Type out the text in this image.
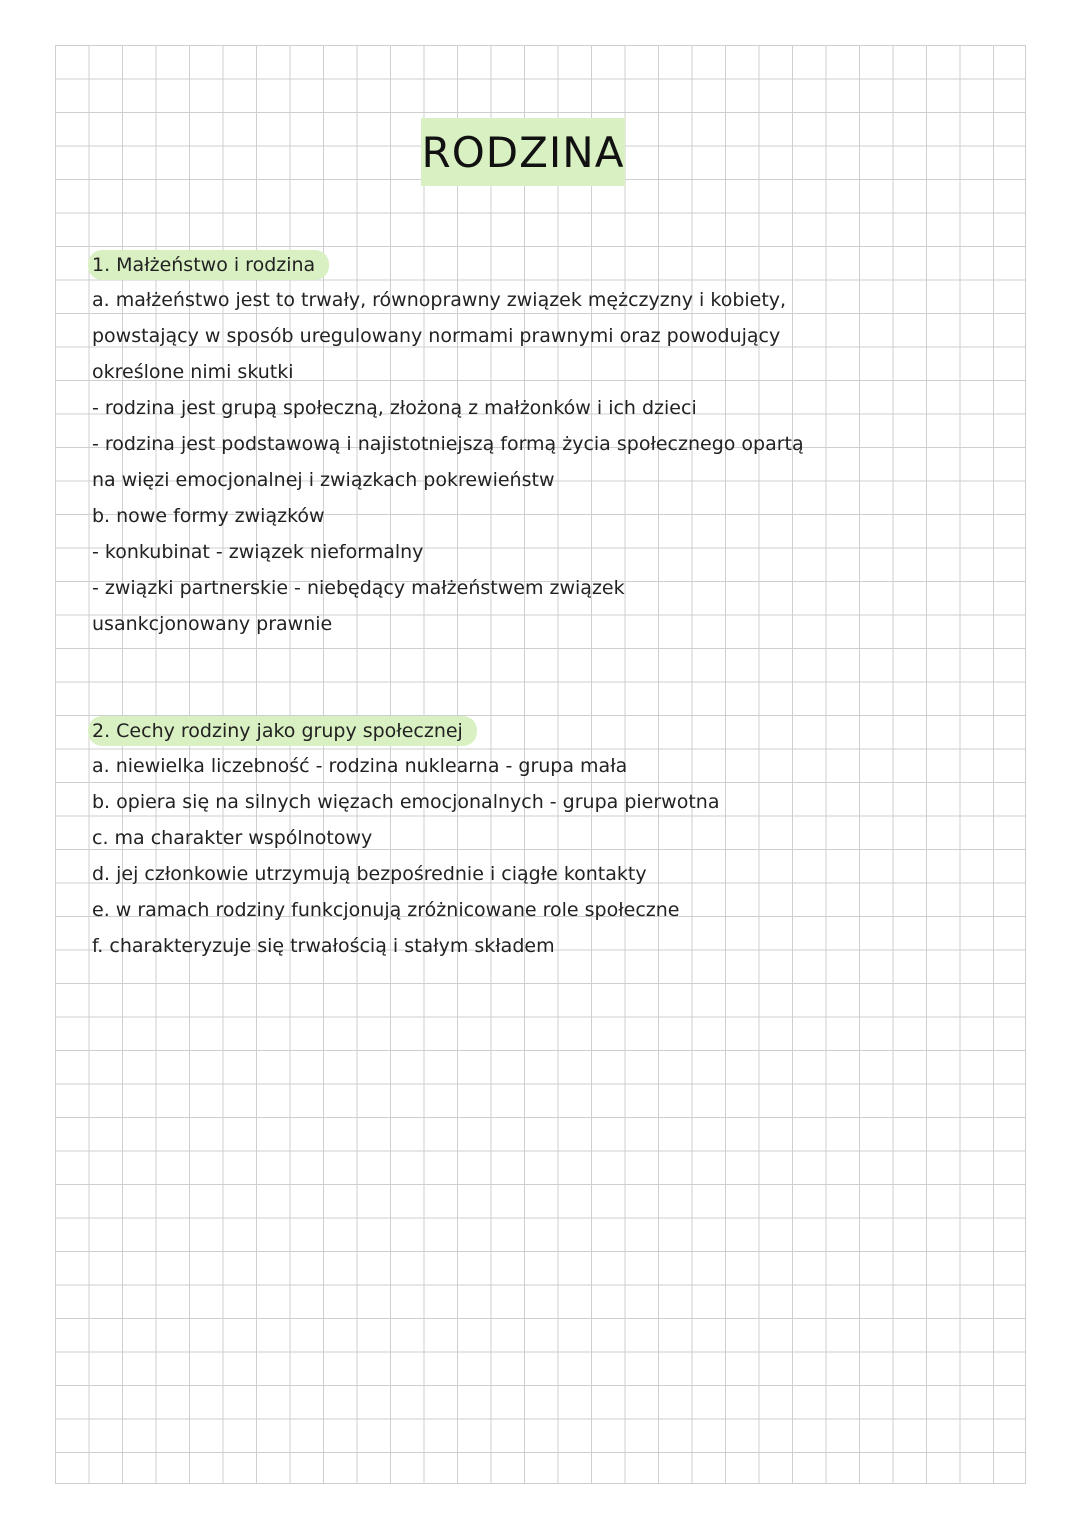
RODZINA
1. Małżeństwo i rodzina
a. małżeństwo jest to trwały, równoprawny związek mężczyzny i kobiety,
powstający w sposób uregulowany normami prawnymi oraz powodujący
określone nimi skutki
- rodzina jest grupą społeczną, złożoną z małżonków i ich dzieci
- rodzina jest podstawową i najistotniejszą formą życia społecznego opartą
na więzi emocjonalnej i związkach pokrewieństw
b. nowe formy związków
- konkubinat - związek nieformalny
- związki partnerskie - niebędący małżeństwem związek
usankcjonowany prawnie
2. Cechy rodziny jako grupy społecznej
a. niewielka liczebność - rodzina nuklearna - grupa mała
b. opiera się na silnych więzach emocjonalnych - grupa pierwotna
c. ma charakter wspólnotowy
d. jej członkowie utrzymują bezpośrednie i ciągłe kontakty
e. w ramach rodziny funkcjonują zróżnicowane role społeczne
f. charakteryzuje się trwałością i stałym składem
